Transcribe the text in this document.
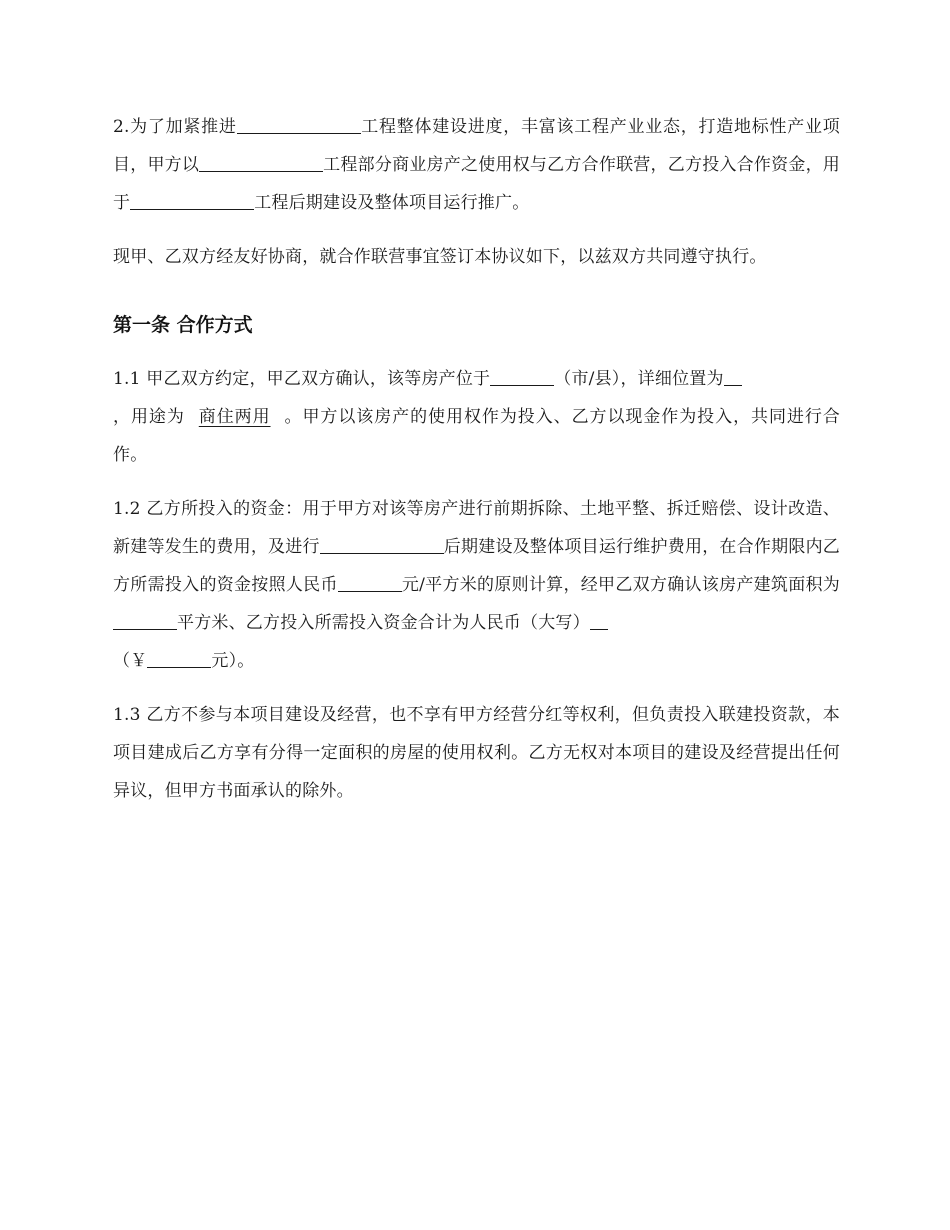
2.为了加紧推进	工程整体建设进度，丰富该工程产业业态，打造地标性产业项目，甲方以	工程部分商业房产之使用权与乙方合作联营，乙方投入合作资金，用于	工程后期建设及整体项目运行推广。

现甲、乙双方经友好协商，就合作联营事宜签订本协议如下，以兹双方共同遵守执行。

第一条 合作方式

1.1 甲乙双方约定，甲乙双方确认，该等房产位于	（市/县），详细位置为
，用途为 商住两用 。甲方以该房产的使用权作为投入、乙方以现金作为投入，共同进行合作。

1.2 乙方所投入的资金：用于甲方对该等房产进行前期拆除、土地平整、拆迁赔偿、设计改造、新建等发生的费用，及进行	后期建设及整体项目运行维护费用，在合作期限内乙方所需投入的资金按照人民币	元/平方米的原则计算，经甲乙双方确认该房产建筑面积为平方米、乙方投入所需投入资金合计为人民币（大写）
（￥	元）。

1.3 乙方不参与本项目建设及经营，也不享有甲方经营分红等权利，但负责投入联建投资款，本项目建成后乙方享有分得一定面积的房屋的使用权利。乙方无权对本项目的建设及经营提出任何异议，但甲方书面承认的除外。
